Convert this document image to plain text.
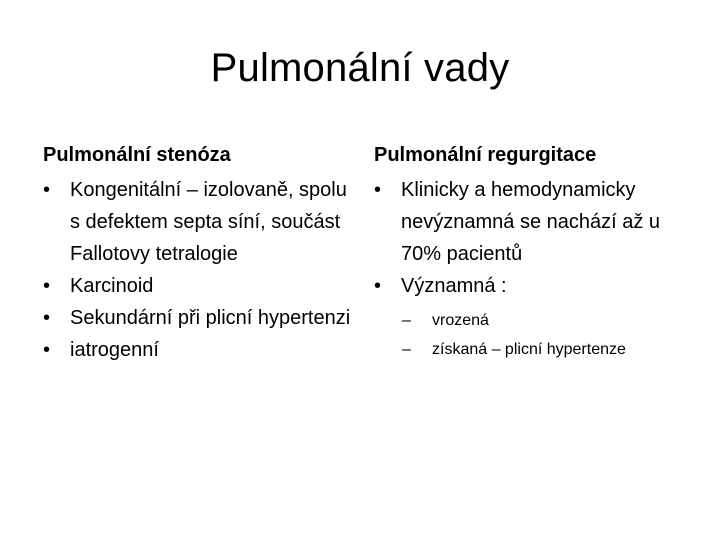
Pulmonální vady
Pulmonální stenóza
• Kongenitální – izolovaně, spolu s defektem septa síní, součást Fallotovy tetralogie
• Karcinoid
• Sekundární při plicní hypertenzi
• iatrogenní
Pulmonální regurgitace
• Klinicky a hemodynamicky nevýznamná se nachází až u 70% pacientů
• Významná :
– vrozená
– získaná – plicní hypertenze
